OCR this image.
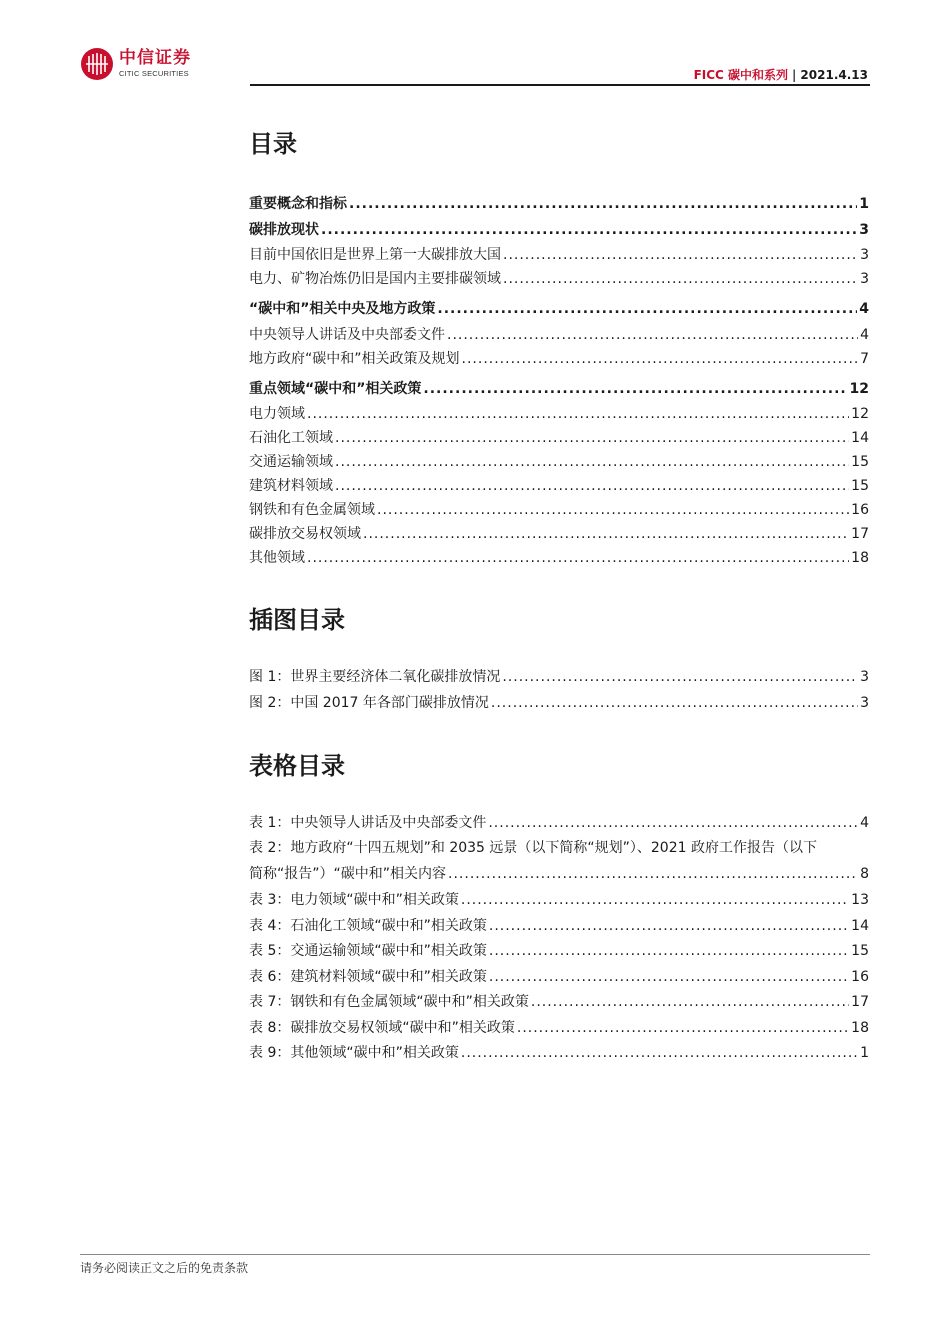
中信证券
CITIC SECURITIES	FICC 碳中和系列 | 2021.4.13
目录
重要概念和指标 .....	1
碳排放现状 .....	3
目前中国依旧是世界上第一大碳排放大国 .....	3
电力、矿物冶炼仍旧是国内主要排碳领域 .....	3
“碳中和”相关中央及地方政策 .....	4
中央领导人讲话及中央部委文件 .....	4
地方政府“碳中和”相关政策及规划 .....	7
重点领域“碳中和”相关政策 .....	12
电力领域 .....	12
石油化工领域 .....	14
交通运输领域 .....	15
建筑材料领域 .....	15
钢铁和有色金属领域 .....	16
碳排放交易权领域 .....	17
其他领域 .....	18
插图目录
图 1：世界主要经济体二氧化碳排放情况 .....	3
图 2：中国 2017 年各部门碳排放情况 .....	3
表格目录
表 1：中央领导人讲话及中央部委文件 .....	4
表 2：地方政府“十四五规划”和 2035 远景（以下简称“规划”）、2021 政府工作报告（以下
简称“报告”）“碳中和”相关内容 .....	8
表 3：电力领域“碳中和”相关政策 .....	13
表 4：石油化工领域“碳中和”相关政策 .....	14
表 5：交通运输领域“碳中和”相关政策 .....	15
表 6：建筑材料领域“碳中和”相关政策 .....	16
表 7：钢铁和有色金属领域“碳中和”相关政策 .....	17
表 8：碳排放交易权领域“碳中和”相关政策 .....	18
表 9：其他领域“碳中和”相关政策 .....	1
请务必阅读正文之后的免责条款
